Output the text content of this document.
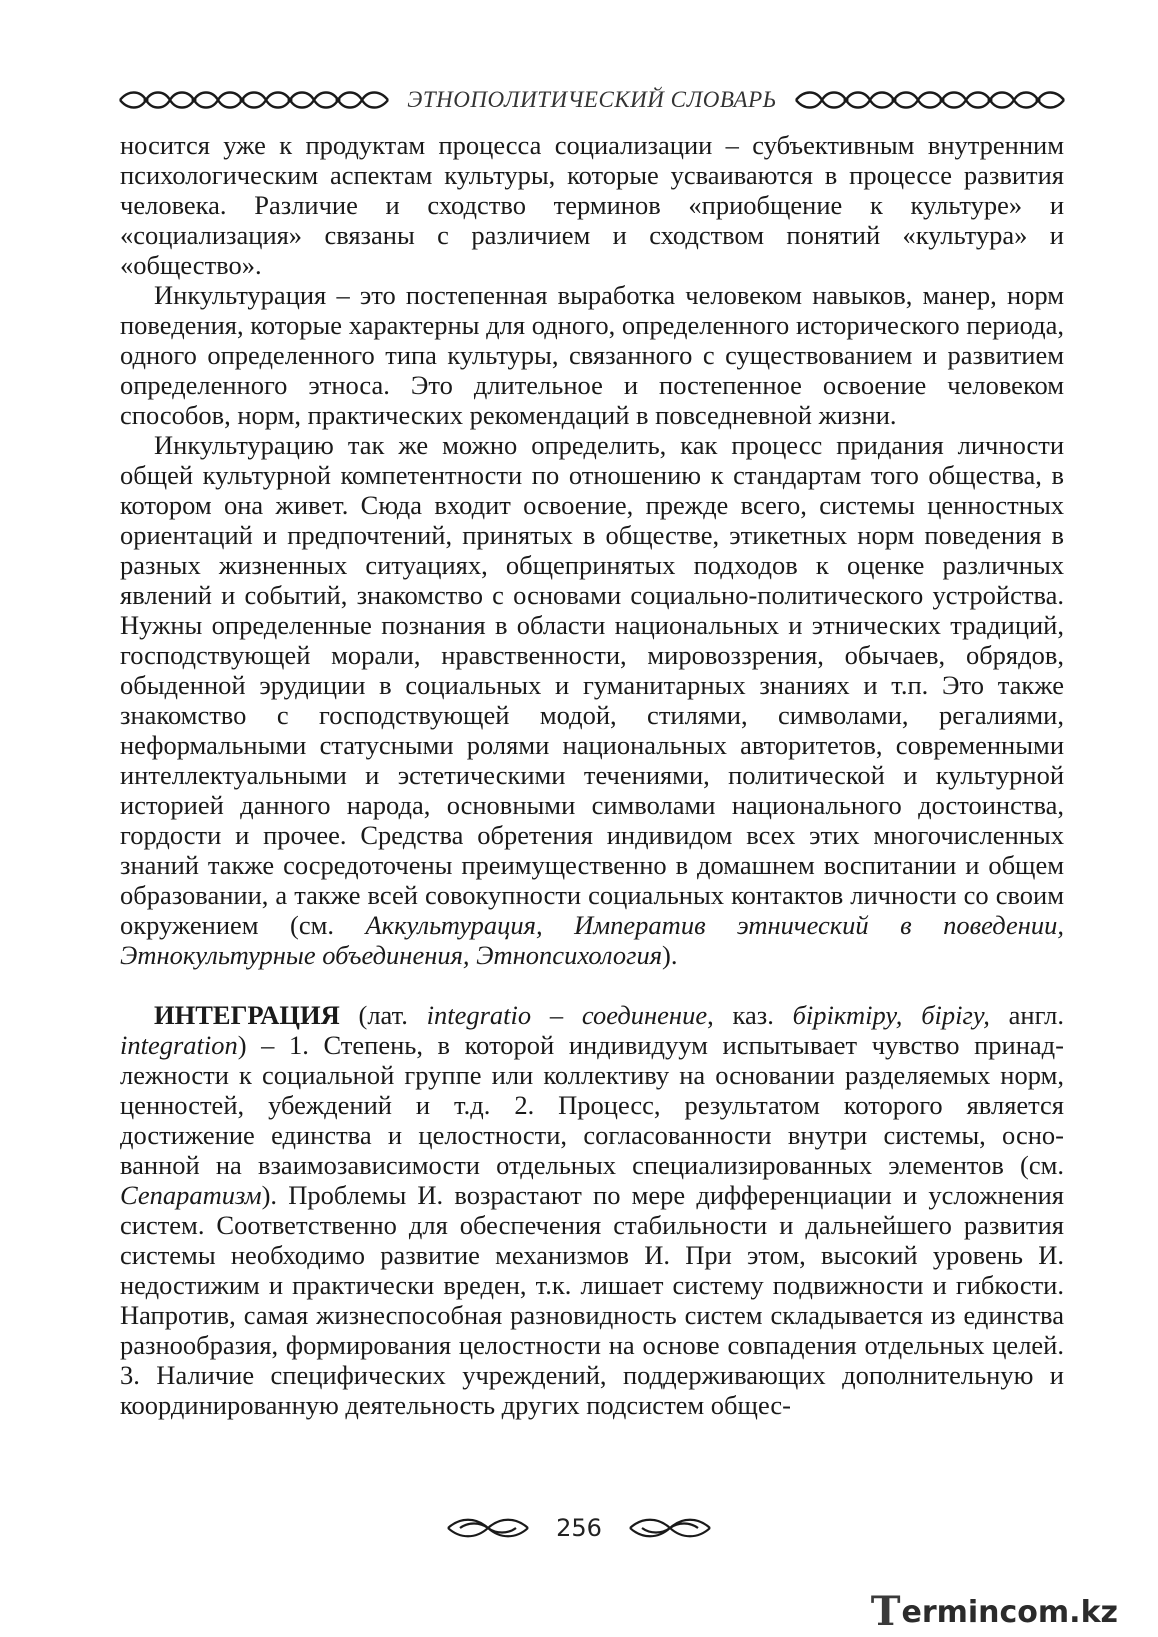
ЭТНОПОЛИТИЧЕСКИЙ СЛОВАРЬ

носится уже к продуктам процесса социализации – субъективным внутренним психологическим аспектам культуры, которые усваиваются в процессе развития человека. Различие и сходство терминов «приобщение к культуре» и «социализация» связаны с различием и сходством понятий «культура» и «общество».

Инкультурация – это постепенная выработка человеком навыков, манер, норм поведения, которые характерны для одного, определенного исторического периода, одного определенного типа культуры, связанного с существованием и развитием определенного этноса. Это длительное и постепенное освоение человеком способов, норм, практических рекомендаций в повседневной жизни.

Инкультурацию так же можно определить, как процесс придания личности общей культурной компетентности по отношению к стандартам того общества, в котором она живет. Сюда входит освоение, прежде всего, системы ценностных ориентаций и предпочтений, принятых в обществе, этикетных норм поведения в разных жизненных ситуациях, общепринятых подходов к оценке различных явлений и событий, знакомство с основами социально-политического устройства. Нужны определенные познания в области национальных и этнических традиций, господствующей морали, нравственности, мировоззрения, обычаев, обрядов, обыденной эрудиции в социальных и гуманитарных знаниях и т.п. Это также знакомство с господствующей модой, стилями, символами, регалиями, неформальными статусными ролями национальных авторитетов, современными интеллектуальными и эстетическими течениями, политической и культурной историей данного народа, основными символами национального достоинства, гордости и прочее. Средства обретения индивидом всех этих многочисленных знаний также сосредоточены преимущественно в домашнем воспитании и общем образовании, а также всей совокупности социальных контактов личности со своим окружением (см. Аккультурация, Императив этнический в поведении, Этнокультурные объединения, Этнопсихология).

ИНТЕГРАЦИЯ (лат. integratio – соединение, каз. біріктіру, бірігу, англ. integration) – 1. Степень, в которой индивидуум испытывает чувство принадлежности к социальной группе или коллективу на основании разделяемых норм, ценностей, убеждений и т.д. 2. Процесс, результатом которого является достижение единства и целостности, согласованности внутри системы, основанной на взаимозависимости отдельных специализированных элементов (см. Сепаратизм). Проблемы И. возрастают по мере дифференциации и усложнения систем. Соответственно для обеспечения стабильности и дальнейшего развития системы необходимо развитие механизмов И. Пpи этом, высокий уровень И. недостижим и практически вреден, т.к. лишает систему подвижности и гибкости. Напротив, самая жизнеспособная разновидность систем складывается из единства разнообразия, формирования целостности на основе совпадения отдельных целей. 3. Наличие специфических учреждений, поддерживающих дополнительную и координированную деятельность других подсистем общес-

256
T ermincom.kz
